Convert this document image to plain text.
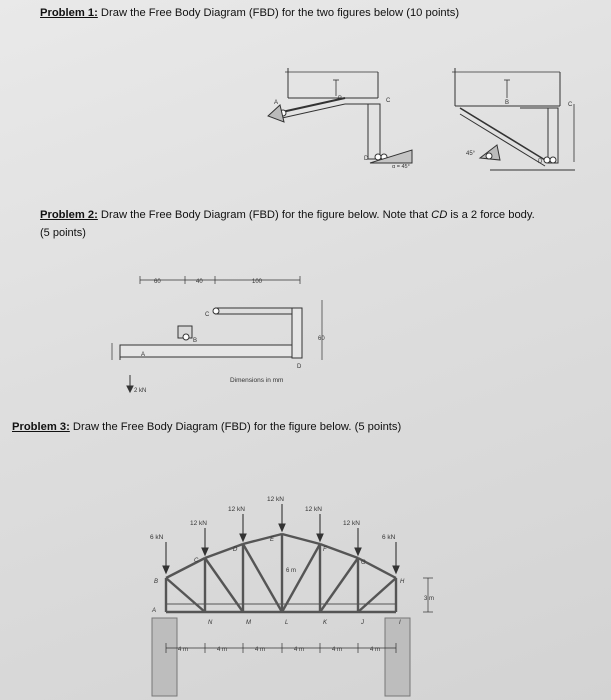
Problem 1: Draw the Free Body Diagram (FBD) for the two figures below (10 points)
A
B	C
D
α = 45°
B	C
D
45°
Problem 2: Draw the Free Body Diagram (FBD) for the figure below. Note that CD is a 2 force body.
(5 points)
60	40	100
60
A
B
C
D
Dimensions in mm
2 kN
Problem 3: Draw the Free Body Diagram (FBD) for the figure below. (5 points)
6 kN
12 kN
12 kN
12 kN
12 kN
12 kN
6 kN
A
B
C
D
E
F
G
H
N	M	L	K	J	I
6 m
4 m	4 m	4 m	4 m	4 m	4 m
3 m
